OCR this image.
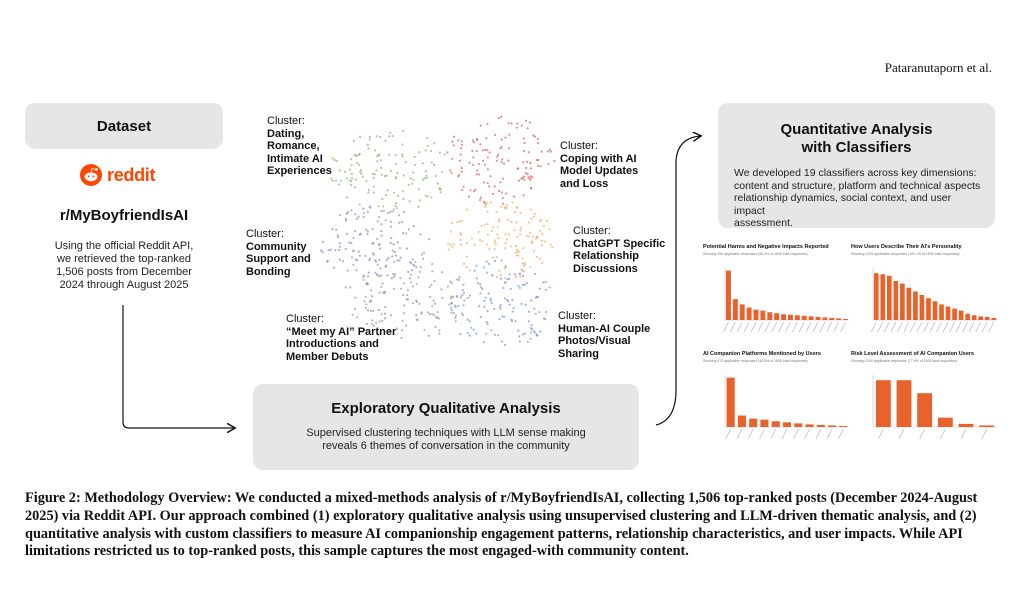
Pataranutaporn et al.
Dataset
reddit
r/MyBoyfriendIsAI
Using the official Reddit API,
we retrieved the top-ranked
1,506 posts from December
2024 through August 2025
Cluster:
Dating,
Romance,
Intimate AI
Experiences
Cluster:
Coping with AI
Model Updates
and Loss
Cluster:
Community
Support and
Bonding
Cluster:
ChatGPT Specific
Relationship
Discussions
Cluster:
“Meet my AI” Partner
Introductions and
Member Debuts
Cluster:
Human-AI Couple
Photos/Visual
Sharing
Exploratory Qualitative Analysis
Supervised clustering techniques with LLM sense making
reveals 6 themes of conversation in the community
Quantitative Analysis
with Classifiers
We developed 19 classifiers across key dimensions:
content and structure, platform and technical aspects
relationship dynamics, social context, and user impact
assessment.
Potential Harms and Negative Impacts Reported
Showing 355 applicable responses (56.4% of 1506 total responses)
How Users Describe Their AI's Personality
Showing 1019 applicable responses (100.1% of 1506 total responses)
AI Companion Platforms Mentioned by Users
Showing 673 applicable responses (44.8% of 1506 total responses)
Risk Level Assessment of AI Companion Users
Showing 1190 applicable responses (77.9% of 1506 total responses)
Figure 2: Methodology Overview: We conducted a mixed-methods analysis of r/MyBoyfriendIsAI, collecting 1,506 top-ranked posts (December 2024-August 2025) via Reddit API. Our approach combined (1) exploratory qualitative analysis using unsupervised clustering and LLM-driven thematic analysis, and (2) quantitative analysis with custom classifiers to measure AI companionship engagement patterns, relationship characteristics, and user impacts. While API limitations restricted us to top-ranked posts, this sample captures the most engaged-with community content.
